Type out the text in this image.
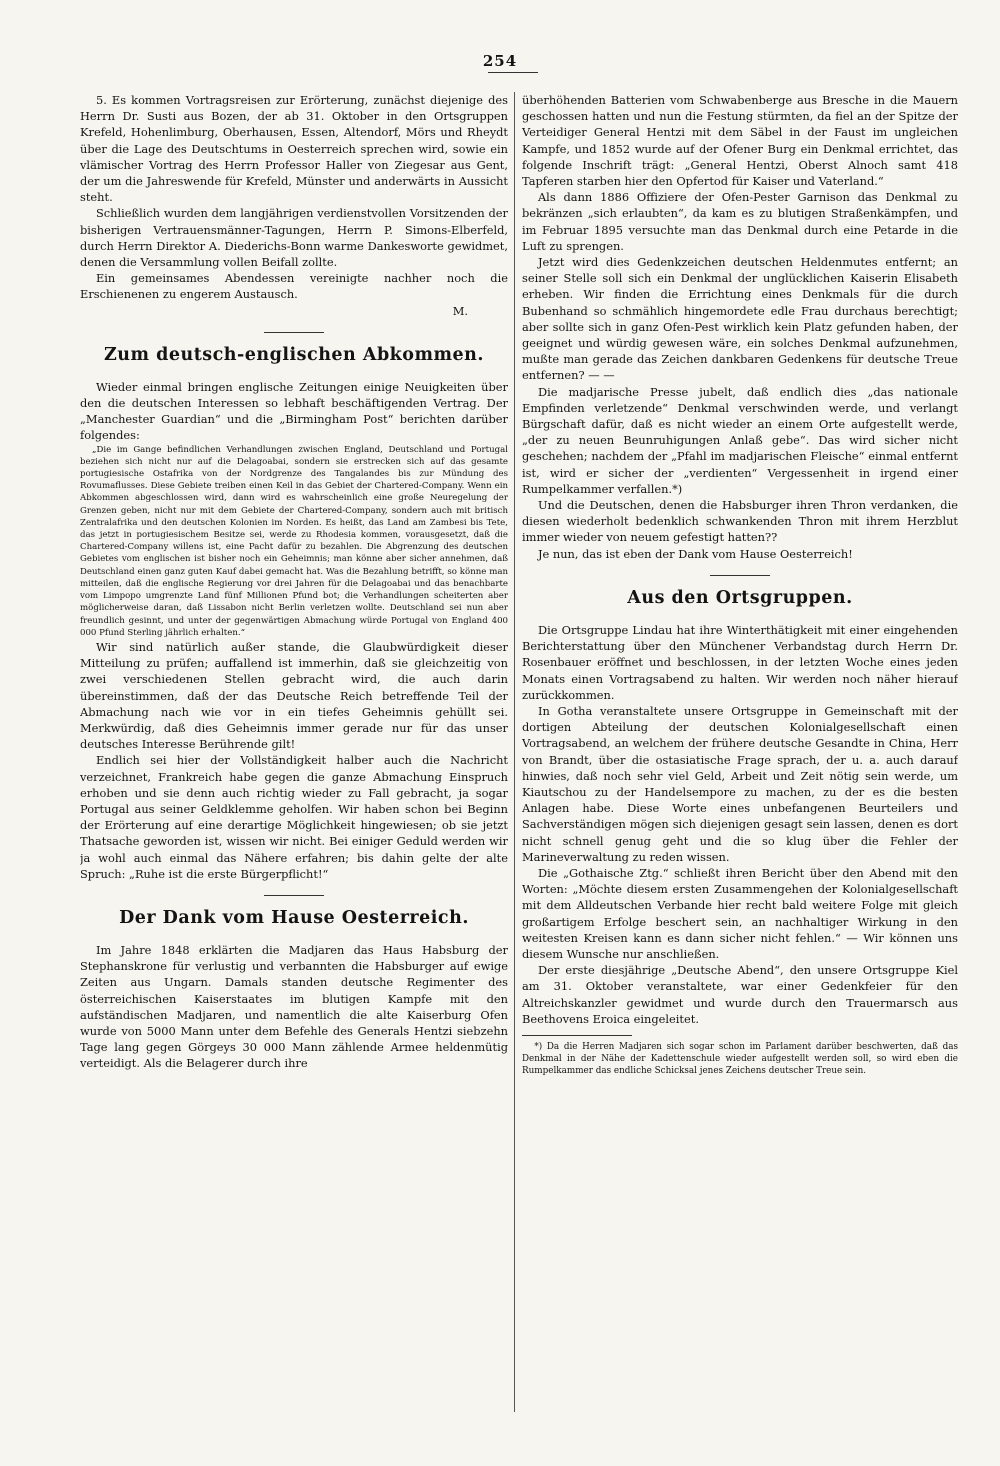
254

5. Es kommen Vortragsreisen zur Erörterung, zunächst diejenige des Herrn Dr. Susti aus Bozen, der ab 31. Oktober in den Ortsgruppen Krefeld, Hohenlimburg, Oberhausen, Essen, Altendorf, Mörs und Rheydt über die Lage des Deutschtums in Oesterreich sprechen wird, sowie ein vlämischer Vortrag des Herrn Professor Haller von Ziegesar aus Gent, der um die Jahreswende für Krefeld, Münster und anderwärts in Aussicht steht.

Schließlich wurden dem langjährigen verdienstvollen Vorsitzenden der bisherigen Vertrauensmänner-Tagungen, Herrn P. Simons-Elberfeld, durch Herrn Direktor A. Diederichs-Bonn warme Dankesworte gewidmet, denen die Versammlung vollen Beifall zollte.

Ein gemeinsames Abendessen vereinigte nachher noch die Erschienenen zu engerem Austausch.

M.

Zum deutsch-englischen Abkommen.

Wieder einmal bringen englische Zeitungen einige Neuigkeiten über den die deutschen Interessen so lebhaft beschäftigenden Vertrag. Der „Manchester Guardian“ und die „Birmingham Post“ berichten darüber folgendes:

„Die im Gange befindlichen Verhandlungen zwischen England, Deutschland und Portugal beziehen sich nicht nur auf die Delagoabai, sondern sie erstrecken sich auf das gesamte portugiesische Ostafrika von der Nordgrenze des Tangalandes bis zur Mündung des Rovumaflusses. Diese Gebiete treiben einen Keil in das Gebiet der Chartered-Company. Wenn ein Abkommen abgeschlossen wird, dann wird es wahrscheinlich eine große Neuregelung der Grenzen geben, nicht nur mit dem Gebiete der Chartered-Company, sondern auch mit britisch Zentralafrika und den deutschen Kolonien im Norden. Es heißt, das Land am Zambesi bis Tete, das jetzt in portugiesischem Besitze sei, werde zu Rhodesia kommen, vorausgesetzt, daß die Chartered-Company willens ist, eine Pacht dafür zu bezahlen. Die Abgrenzung des deutschen Gebietes vom englischen ist bisher noch ein Geheimnis; man könne aber sicher annehmen, daß Deutschland einen ganz guten Kauf dabei gemacht hat. Was die Bezahlung betrifft, so könne man mitteilen, daß die englische Regierung vor drei Jahren für die Delagoabai und das benachbarte vom Limpopo umgrenzte Land fünf Millionen Pfund bot; die Verhandlungen scheiterten aber möglicherweise daran, daß Lissabon nicht Berlin verletzen wollte. Deutschland sei nun aber freundlich gesinnt, und unter der gegenwärtigen Abmachung würde Portugal von England 400 000 Pfund Sterling jährlich erhalten.“

Wir sind natürlich außer stande, die Glaubwürdigkeit dieser Mitteilung zu prüfen; auffallend ist immerhin, daß sie gleichzeitig von zwei verschiedenen Stellen gebracht wird, die auch darin übereinstimmen, daß der das Deutsche Reich betreffende Teil der Abmachung nach wie vor in ein tiefes Geheimnis gehüllt sei. Merkwürdig, daß dies Geheimnis immer gerade nur für das unser deutsches Interesse Berührende gilt!

Endlich sei hier der Vollständigkeit halber auch die Nachricht verzeichnet, Frankreich habe gegen die ganze Abmachung Einspruch erhoben und sie denn auch richtig wieder zu Fall gebracht, ja sogar Portugal aus seiner Geldklemme geholfen. Wir haben schon bei Beginn der Erörterung auf eine derartige Möglichkeit hingewiesen; ob sie jetzt Thatsache geworden ist, wissen wir nicht. Bei einiger Geduld werden wir ja wohl auch einmal das Nähere erfahren; bis dahin gelte der alte Spruch: „Ruhe ist die erste Bürgerpflicht!“

Der Dank vom Hause Oesterreich.

Im Jahre 1848 erklärten die Madjaren das Haus Habsburg der Stephanskrone für verlustig und verbannten die Habsburger auf ewige Zeiten aus Ungarn. Damals standen deutsche Regimenter des österreichischen Kaiserstaates im blutigen Kampfe mit den aufständischen Madjaren, und namentlich die alte Kaiserburg Ofen wurde von 5000 Mann unter dem Befehle des Generals Hentzi siebzehn Tage lang gegen Görgeys 30 000 Mann zählende Armee heldenmütig verteidigt. Als die Belagerer durch ihre

überhöhenden Batterien vom Schwabenberge aus Bresche in die Mauern geschossen hatten und nun die Festung stürmten, da fiel an der Spitze der Verteidiger General Hentzi mit dem Säbel in der Faust im ungleichen Kampfe, und 1852 wurde auf der Ofener Burg ein Denkmal errichtet, das folgende Inschrift trägt: „General Hentzi, Oberst Alnoch samt 418 Tapferen starben hier den Opfertod für Kaiser und Vaterland.“

Als dann 1886 Offiziere der Ofen-Pester Garnison das Denkmal zu bekränzen „sich erlaubten“, da kam es zu blutigen Straßenkämpfen, und im Februar 1895 versuchte man das Denkmal durch eine Petarde in die Luft zu sprengen.

Jetzt wird dies Gedenkzeichen deutschen Heldenmutes entfernt; an seiner Stelle soll sich ein Denkmal der unglücklichen Kaiserin Elisabeth erheben. Wir finden die Errichtung eines Denkmals für die durch Bubenhand so schmählich hingemordete edle Frau durchaus berechtigt; aber sollte sich in ganz Ofen-Pest wirklich kein Platz gefunden haben, der geeignet und würdig gewesen wäre, ein solches Denkmal aufzunehmen, mußte man gerade das Zeichen dankbaren Gedenkens für deutsche Treue entfernen? — —

Die madjarische Presse jubelt, daß endlich dies „das nationale Empfinden verletzende“ Denkmal verschwinden werde, und verlangt Bürgschaft dafür, daß es nicht wieder an einem Orte aufgestellt werde, „der zu neuen Beunruhigungen Anlaß gebe“. Das wird sicher nicht geschehen; nachdem der „Pfahl im madjarischen Fleische“ einmal entfernt ist, wird er sicher der „verdienten“ Vergessenheit in irgend einer Rumpelkammer verfallen.*)

Und die Deutschen, denen die Habsburger ihren Thron verdanken, die diesen wiederholt bedenklich schwankenden Thron mit ihrem Herzblut immer wieder von neuem gefestigt hatten??

Je nun, das ist eben der Dank vom Hause Oesterreich!

Aus den Ortsgruppen.

Die Ortsgruppe Lindau hat ihre Winterthätigkeit mit einer eingehenden Berichterstattung über den Münchener Verbandstag durch Herrn Dr. Rosenbauer eröffnet und beschlossen, in der letzten Woche eines jeden Monats einen Vortragsabend zu halten. Wir werden noch näher hierauf zurückkommen.

In Gotha veranstaltete unsere Ortsgruppe in Gemeinschaft mit der dortigen Abteilung der deutschen Kolonialgesellschaft einen Vortragsabend, an welchem der frühere deutsche Gesandte in China, Herr von Brandt, über die ostasiatische Frage sprach, der u. a. auch darauf hinwies, daß noch sehr viel Geld, Arbeit und Zeit nötig sein werde, um Kiautschou zu der Handelsempore zu machen, zu der es die besten Anlagen habe. Diese Worte eines unbefangenen Beurteilers und Sachverständigen mögen sich diejenigen gesagt sein lassen, denen es dort nicht schnell genug geht und die so klug über die Fehler der Marineverwaltung zu reden wissen.

Die „Gothaische Ztg.“ schließt ihren Bericht über den Abend mit den Worten: „Möchte diesem ersten Zusammengehen der Kolonialgesellschaft mit dem Alldeutschen Verbande hier recht bald weitere Folge mit gleich großartigem Erfolge beschert sein, an nachhaltiger Wirkung in den weitesten Kreisen kann es dann sicher nicht fehlen.“ — Wir können uns diesem Wunsche nur anschließen.

Der erste diesjährige „Deutsche Abend“, den unsere Ortsgruppe Kiel am 31. Oktober veranstaltete, war einer Gedenkfeier für den Altreichskanzler gewidmet und wurde durch den Trauermarsch aus Beethovens Eroica eingeleitet.

*) Da die Herren Madjaren sich sogar schon im Parlament darüber beschwerten, daß das Denkmal in der Nähe der Kadettenschule wieder aufgestellt werden soll, so wird eben die Rumpelkammer das endliche Schicksal jenes Zeichens deutscher Treue sein.
